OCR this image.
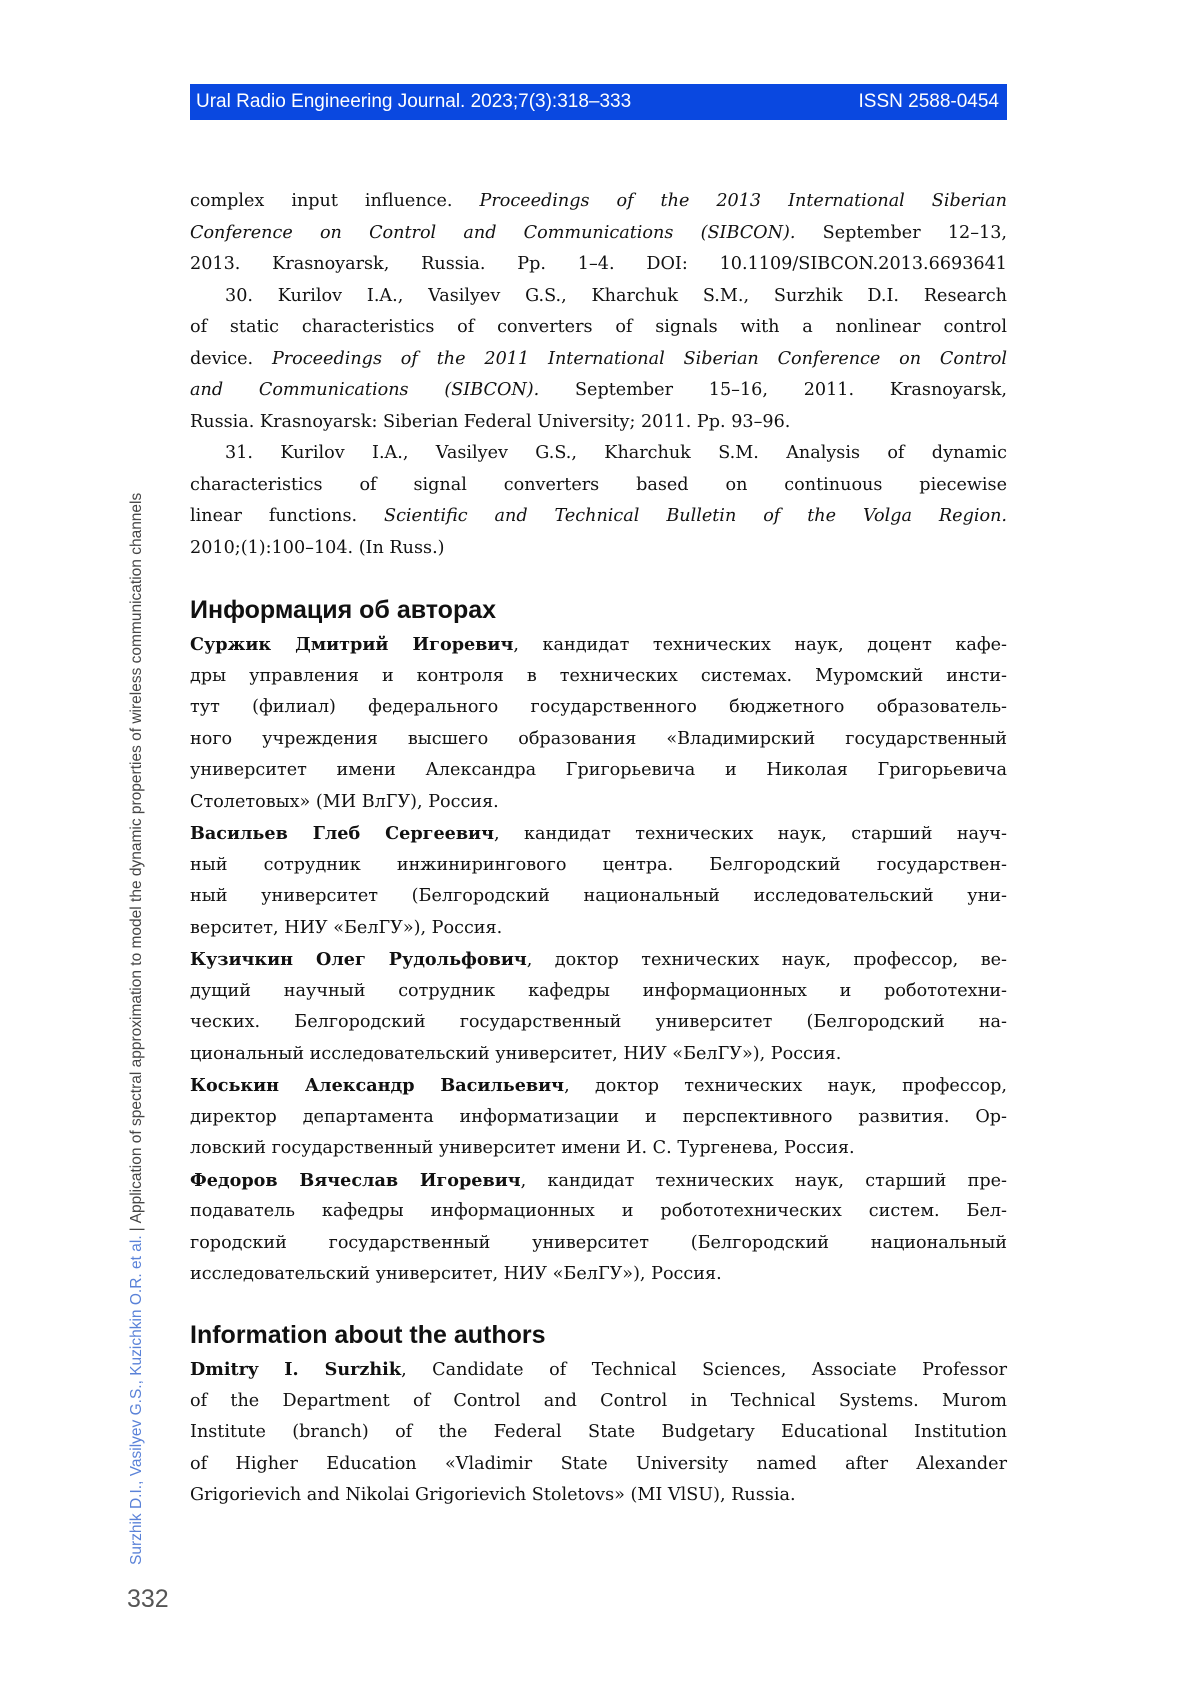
Ural Radio Engineering Journal. 2023;7(3):318–333	ISSN 2588-0454
complex input influence. Proceedings of the 2013 International Siberian
Conference on Control and Communications (SIBCON). September 12–13,
2013. Krasnoyarsk, Russia. Pp. 1–4. DOI: 10.1109/SIBCON.2013.6693641
30. Kurilov I.A., Vasilyev G.S., Kharchuk S.M., Surzhik D.I. Research
of static characteristics of converters of signals with a nonlinear control
device. Proceedings of the 2011 International Siberian Conference on Control
and Communications (SIBCON). September 15–16, 2011. Krasnoyarsk,
Russia. Krasnoyarsk: Siberian Federal University; 2011. Pp. 93–96.
31. Kurilov I.A., Vasilyev G.S., Kharchuk S.M. Analysis of dynamic
characteristics of signal converters based on continuous piecewise
linear functions. Scientific and Technical Bulletin of the Volga Region.
2010;(1):100–104. (In Russ.)
Информация об авторах
Суржик Дмитрий Игоревич, кандидат технических наук, доцент кафе-
дры управления и контроля в технических системах. Муромский инсти-
тут (филиал) федерального государственного бюджетного образователь-
ного учреждения высшего образования «Владимирский государственный
университет имени Александра Григорьевича и Николая Григорьевича
Столетовых» (МИ ВлГУ), Россия.
Васильев Глеб Сергеевич, кандидат технических наук, старший науч-
ный сотрудник инжинирингового центра. Белгородский государствен-
ный университет (Белгородский национальный исследовательский уни-
верситет, НИУ «БелГУ»), Россия.
Кузичкин Олег Рудольфович, доктор технических наук, профессор, ве-
дущий научный сотрудник кафедры информационных и робототехни-
ческих. Белгородский государственный университет (Белгородский на-
циональный исследовательский университет, НИУ «БелГУ»), Россия.
Коськин Александр Васильевич, доктор технических наук, профессор,
директор департамента информатизации и перспективного развития. Ор-
ловский государственный университет имени И. С. Тургенева, Россия.
Федоров Вячеслав Игоревич, кандидат технических наук, старший пре-
подаватель кафедры информационных и робототехнических систем. Бел-
городский государственный университет (Белгородский национальный
исследовательский университет, НИУ «БелГУ»), Россия.
Information about the authors
Dmitry I. Surzhik, Candidate of Technical Sciences, Associate Professor
of the Department of Control and Control in Technical Systems. Murom
Institute (branch) of the Federal State Budgetary Educational Institution
of Higher Education «Vladimir State University named after Alexander
Grigorievich and Nikolai Grigorievich Stoletovs» (MI VlSU), Russia.
Surzhik D.I., Vasilyev G.S., Kuzichkin O.R. et al.|Application of spectral approximation to model the dynamic properties of wireless communication channels
332
